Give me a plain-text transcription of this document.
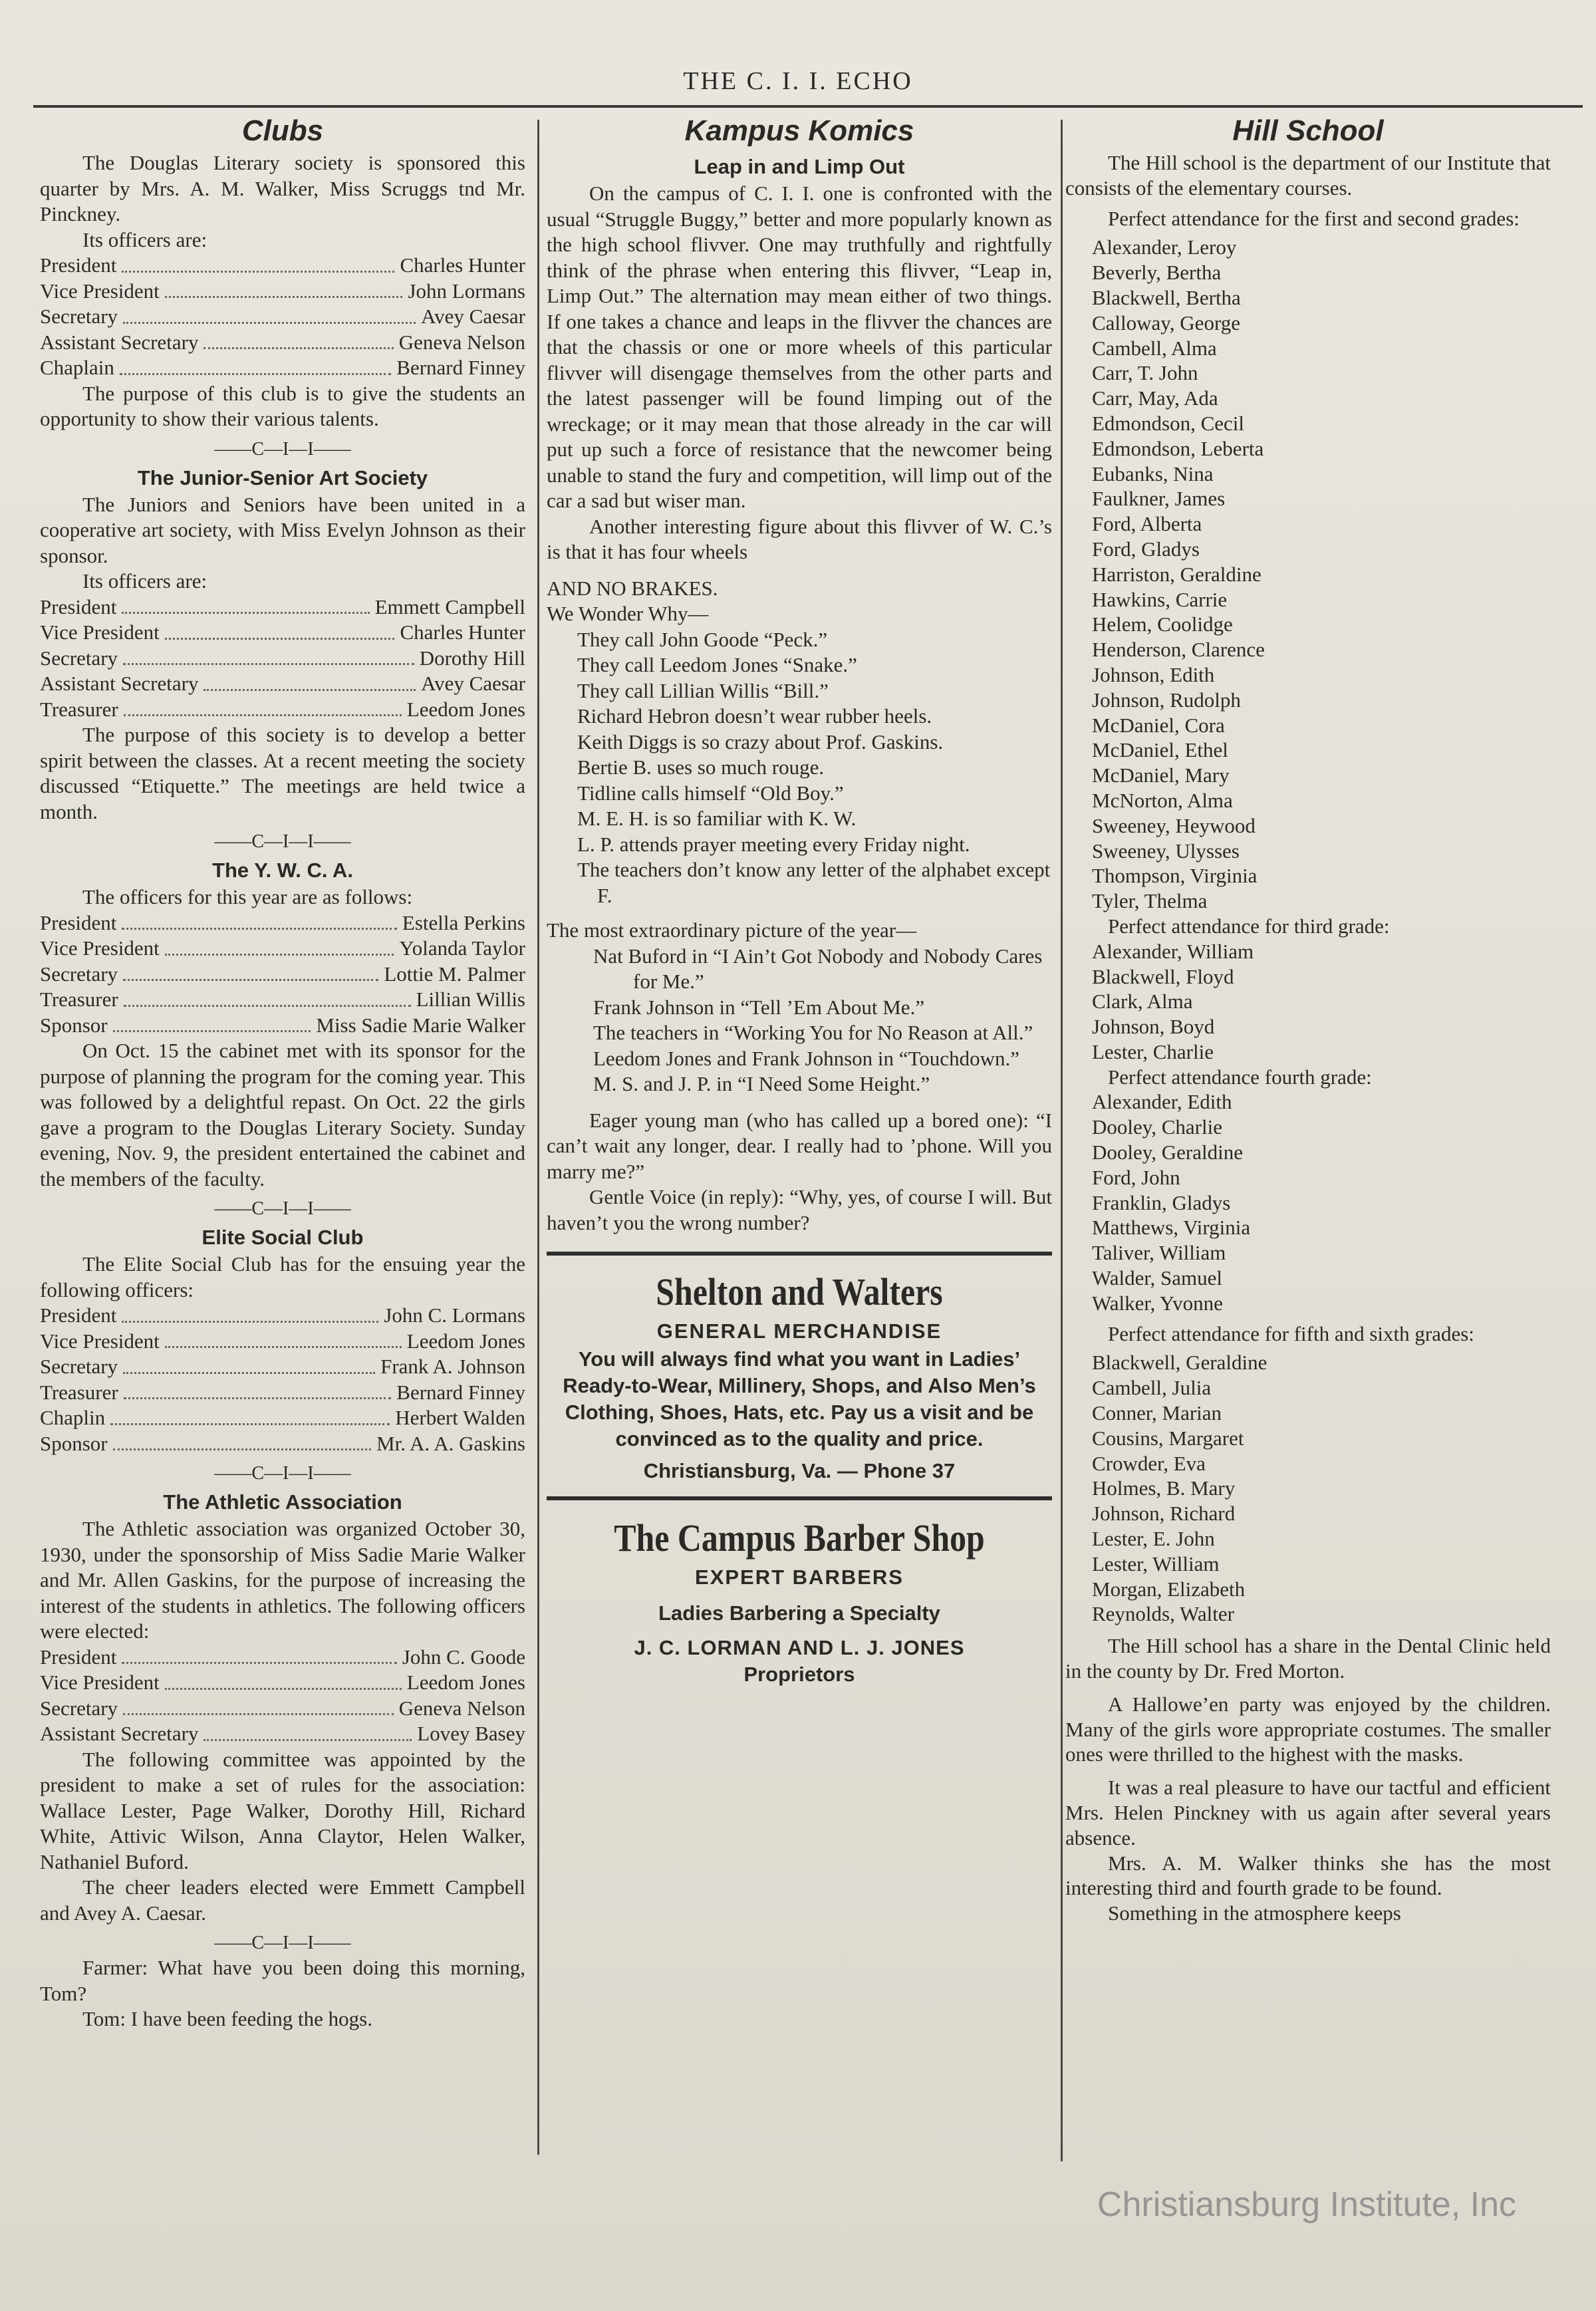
THE C. I. I. ECHO
Clubs

The Douglas Literary society is sponsored this quarter by Mrs. A. M. Walker, Miss Scruggs tnd Mr. Pinckney.

Its officers are:

President	Charles Hunter
Vice President	John Lormans
Secretary	Avey Caesar
Assistant Secretary	Geneva Nelson
Chaplain	Bernard Finney

The purpose of this club is to give the students an opportunity to show their various talents.

——C—I—I——
The Junior-Senior Art Society

The Juniors and Seniors have been united in a cooperative art society, with Miss Evelyn Johnson as their sponsor.

Its officers are:

President	Emmett Campbell
Vice President	Charles Hunter
Secretary	Dorothy Hill
Assistant Secretary	Avey Caesar
Treasurer	Leedom Jones

The purpose of this society is to develop a better spirit between the classes. At a recent meeting the society discussed “Etiquette.” The meetings are held twice a month.

——C—I—I——
The Y. W. C. A.

The officers for this year are as follows:

President	Estella Perkins
Vice President	Yolanda Taylor
Secretary	Lottie M. Palmer
Treasurer	Lillian Willis
Sponsor	Miss Sadie Marie Walker

On Oct. 15 the cabinet met with its sponsor for the purpose of planning the program for the coming year. This was followed by a delightful repast. On Oct. 22 the girls gave a program to the Douglas Literary Society. Sunday evening, Nov. 9, the president entertained the cabinet and the members of the faculty.

——C—I—I——
Elite Social Club

The Elite Social Club has for the ensuing year the following officers:

President	John C. Lormans
Vice President	Leedom Jones
Secretary	Frank A. Johnson
Treasurer	Bernard Finney
Chaplin	Herbert Walden
Sponsor	Mr. A. A. Gaskins
——C—I—I——
The Athletic Association

The Athletic association was organized October 30, 1930, under the sponsorship of Miss Sadie Marie Walker and Mr. Allen Gaskins, for the purpose of increasing the interest of the students in athletics. The following officers were elected:

President	John C. Goode
Vice President	Leedom Jones
Secretary	Geneva Nelson
Assistant Secretary	Lovey Basey

The following committee was appointed by the president to make a set of rules for the association: Wallace Lester, Page Walker, Dorothy Hill, Richard White, Attivic Wilson, Anna Claytor, Helen Walker, Nathaniel Buford.

The cheer leaders elected were Emmett Campbell and Avey A. Caesar.

——C—I—I——

Farmer: What have you been doing this morning, Tom?

Tom: I have been feeding the hogs.

Kampus Komics
Leap in and Limp Out

On the campus of C. I. I. one is confronted with the usual “Struggle Buggy,” better and more popularly known as the high school flivver. One may truthfully and rightfully think of the phrase when entering this flivver, “Leap in, Limp Out.” The alternation may mean either of two things. If one takes a chance and leaps in the flivver the chances are that the chassis or one or more wheels of this particular flivver will disengage themselves from the other parts and the latest passenger will be found limping out of the wreckage; or it may mean that those already in the car will put up such a force of resistance that the newcomer being unable to stand the fury and competition, will limp out of the car a sad but wiser man.

Another interesting figure about this flivver of W. C.’s is that it has four wheels

AND NO BRAKES.

We Wonder Why—

They call John Goode “Peck.”
They call Leedom Jones “Snake.”
They call Lillian Willis “Bill.”
Richard Hebron doesn’t wear rubber heels.
Keith Diggs is so crazy about Prof. Gaskins.
Bertie B. uses so much rouge.
Tidline calls himself “Old Boy.”
M. E. H. is so familiar with K. W.
L. P. attends prayer meeting every Friday night.
The teachers don’t know any letter of the alphabet except F.

The most extraordinary picture of the year—

Nat Buford in “I Ain’t Got Nobody and Nobody Cares for Me.”
Frank Johnson in “Tell ’Em About Me.”
The teachers in “Working You for No Reason at All.”
Leedom Jones and Frank Johnson in “Touchdown.”
M. S. and J. P. in “I Need Some Height.”

Eager young man (who has called up a bored one): “I can’t wait any longer, dear. I really had to ’phone. Will you marry me?”

Gentle Voice (in reply): “Why, yes, of course I will. But haven’t you the wrong number?

Shelton and Walters
GENERAL MERCHANDISE
You will always find what you want in Ladies’ Ready-to-Wear, Millinery, Shops, and Also Men’s Clothing, Shoes, Hats, etc. Pay us a visit and be convinced as to the quality and price.
Christiansburg, Va. — Phone 37
The Campus Barber Shop
EXPERT BARBERS
Ladies Barbering a Specialty
J. C. LORMAN AND L. J. JONES
Proprietors
Hill School

The Hill school is the department of our Institute that consists of the elementary courses.

Perfect attendance for the first and second grades:

Alexander, Leroy
Beverly, Bertha
Blackwell, Bertha
Calloway, George
Cambell, Alma
Carr, T. John
Carr, May, Ada
Edmondson, Cecil
Edmondson, Leberta
Eubanks, Nina
Faulkner, James
Ford, Alberta
Ford, Gladys
Harriston, Geraldine
Hawkins, Carrie
Helem, Coolidge
Henderson, Clarence
Johnson, Edith
Johnson, Rudolph
McDaniel, Cora
McDaniel, Ethel
McDaniel, Mary
McNorton, Alma
Sweeney, Heywood
Sweeney, Ulysses
Thompson, Virginia
Tyler, Thelma

Perfect attendance for third grade:

Alexander, William
Blackwell, Floyd
Clark, Alma
Johnson, Boyd
Lester, Charlie

Perfect attendance fourth grade:

Alexander, Edith
Dooley, Charlie
Dooley, Geraldine
Ford, John
Franklin, Gladys
Matthews, Virginia
Taliver, William
Walder, Samuel
Walker, Yvonne

Perfect attendance for fifth and sixth grades:

Blackwell, Geraldine
Cambell, Julia
Conner, Marian
Cousins, Margaret
Crowder, Eva
Holmes, B. Mary
Johnson, Richard
Lester, E. John
Lester, William
Morgan, Elizabeth
Reynolds, Walter

The Hill school has a share in the Dental Clinic held in the county by Dr. Fred Morton.

A Hallowe’en party was enjoyed by the children. Many of the girls wore appropriate costumes. The smaller ones were thrilled to the highest with the masks.

It was a real pleasure to have our tactful and efficient Mrs. Helen Pinckney with us again after several years absence.

Mrs. A. M. Walker thinks she has the most interesting third and fourth grade to be found.

Something in the atmosphere keeps

Christiansburg Institute, Inc
